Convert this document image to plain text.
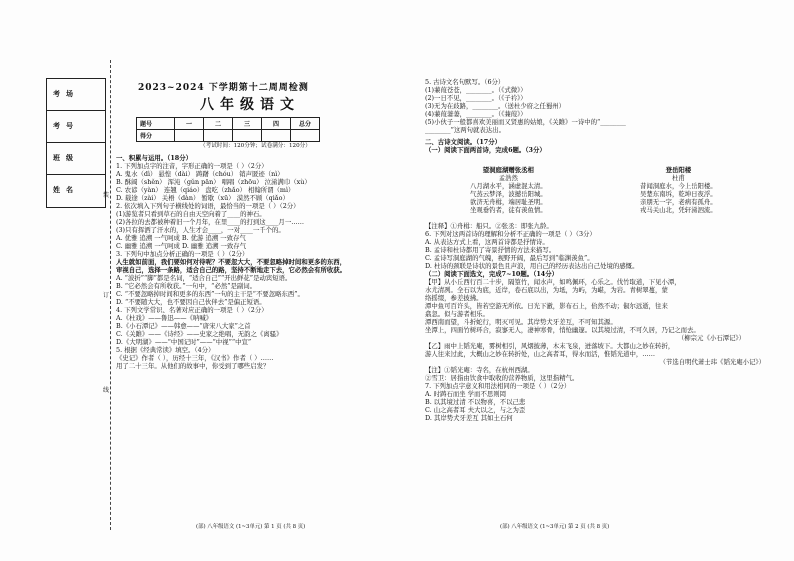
考场
考号
班级
姓名
装
订
线
2023~2024 下学期第十二周周检测
八年级语文
题号	一	二	三	四	总分
得分					
（考试时间：120分钟；试卷满分：120分）
一、积累与运用。（18分）
1. 下列加点字的注音，字形正确的一项是（ ）（2分）
A. 鬼水（dì） 悬惶（dài） 踌躇（chóu） 销声匿迹（nì）
B. 酥阔（shěn） 浑沌（gǔn pān） 唱唱（zhōu） 泣涕满巾（xù）
C. 农谚（yàn） 连翘（qiáo） 盘吃（zhǎo） 相翰所谓（mì）
D. 载途（zài） 关梧（dàn） 暂歇（xū） 漠然不顾（qiǎo）
2. 依次填入下列句子横线处的词语，最恰当的一项是（ ）（2分）
(1)游览者只看到草石的自由天空向着了____的神石。
(2)各拉的去都被种着旧一个月年，在里____的打到这____月一……
(3)只有挥洒了汗水的，人生才会____，一对____一千个的。
A. 优雅 追溯 一气呵成 B. 优游 追溯 一致存气
C. 幽雅 追溯 一气呵成 D. 幽雅 追溯 一致存气
3. 下列句中加点分析正确的一项是（ ）（2分）
人生就如前面，我们要如何对待呢？不要忽大大，不要忽略掉时间和更多的东西，
审视自己，选择一条路，适合自己的路，坚持不断地走下去，它必然会有所收获。
A. “波折”“脚”都是名词，“适合自己”“开出鲜花”是动宾短语。
B. “它必然会有所收获。”一句中，“必然”是副词。
C. “不要忽略掉时间和更多的东西”一句的主干是“不要忽略东西”。
D. “不要随大大，也不要因自己伙伴去”是偏正短语。
4. 下列文学常识、名著对应正确的一项是（ ）（2分）
A.《杜戏》——鲁迅——《呐喊》
B.《小石潭记》——韩愈——“唐宋八大家”之首
C.《关雎》——《诗经》——史家之绝唱，无韵之《离骚》
D.《大明湖》——“中国记时”——“中视”“中宣”
5. 根据《经典常读》填空。（4分）
《史记》作者（ ），历经十三年，《汉书》作者（ ）……
用了二十三年。从他们的故事中，你受到了哪些启发？
(部) 八年级语文 (1~3单元) 第 1 页 (共 8 页)
5. 古诗文名句默写。（6分）
(1)蒹葭苍苍，________。（《式微》）
(2)一日不见，________。（《子衿》）
(3)无为在歧路，________。（送杜少府之任蜀州）
(4)蒹葭萋萋，________。（《蒹葭》）
(5)小伙子一般都喜欢美丽而又贤惠的姑娘，《关雎》一诗中的“________
________”这两句就表达出。
二、古诗文阅读。（17分）
（一）阅读下面两首诗，完成6题。（3分）
望洞庭湖赠张丞相
孟浩然
八月湖水平，涵虚混太清。
气蒸云梦泽，波撼岳阳城。
欲济无舟楫，端居耻圣明。
坐观垂钓者，徒有羡鱼情。
登岳阳楼
杜甫
昔闻洞庭水，今上岳阳楼。
吴楚东南坼，乾坤日夜浮。
亲朋无一字，老病有孤舟。
戎马关山北，凭轩涕泗流。
【注释】①舟楫：船只。②张丞：即张九龄。
6. 下列对这两首诗的理解和分析不正确的一项是（ ）（3分）
A. 从表达方式上看，这两首诗都是抒情诗。
B. 孟诗和杜诗都用了寄景抒情的方法来描写。
C. 孟诗写洞庭湖的气魄，视野开阔，最后写到“临渊羡鱼”。
D. 杜诗的颈联是诗状的景色且声浪，用自己的经历表达出自己处境的感慨。
（二）阅读下面选文，完成7~10题。（14分）
【甲】从小丘西行百二十步，隔篁竹，闻水声，如鸣佩环，心乐之。伐竹取道，下见小潭，
水尤清冽。全石以为底，近岸，卷石底以出，为坻，为屿，为嵁，为岩。青树翠蔓，蒙
络摇缀，参差披拂。
潭中鱼可百许头，皆若空游无所依。日光下澈，影布石上，佁然不动；俶尔远逝，往来
翕忽。似与游者相乐。
潭西南而望，斗折蛇行，明灭可见。其岸势犬牙差互，不可知其源。
坐潭上，四面竹树环合，寂寥无人，凄神寒骨，悄怆幽邃。以其境过清，不可久居，乃记之而去。
（柳宗元《小石潭记》）
【乙】雨中上韬光庵，雾树相引，风烟披薄，木末飞泉，迸落坡下。大都山之妙在转折，
游人往来过此，大概山之妙在转折处，山之高者耳，得水而活，惟韬光道中，……
（节选自明代萧士玮《韬光庵小记》）
【注】①韬光庵：寺名，在杭州西湖。
②雪卫：居指由饮食中取收的营养物质，这里指精气。
7. 下列加点字意义和用法相同的一项是（ ）（2分）
A. 时踌石而坐 学而不思则罔
B. 以其境过清 不以物喜，不以己悲
C. 山之高者耳 夫大以之，与之为歪
D. 其岸势犬牙差互 其如土石何
(部) 八年级语文 (1~3单元) 第 2 页 (共 8 页)
